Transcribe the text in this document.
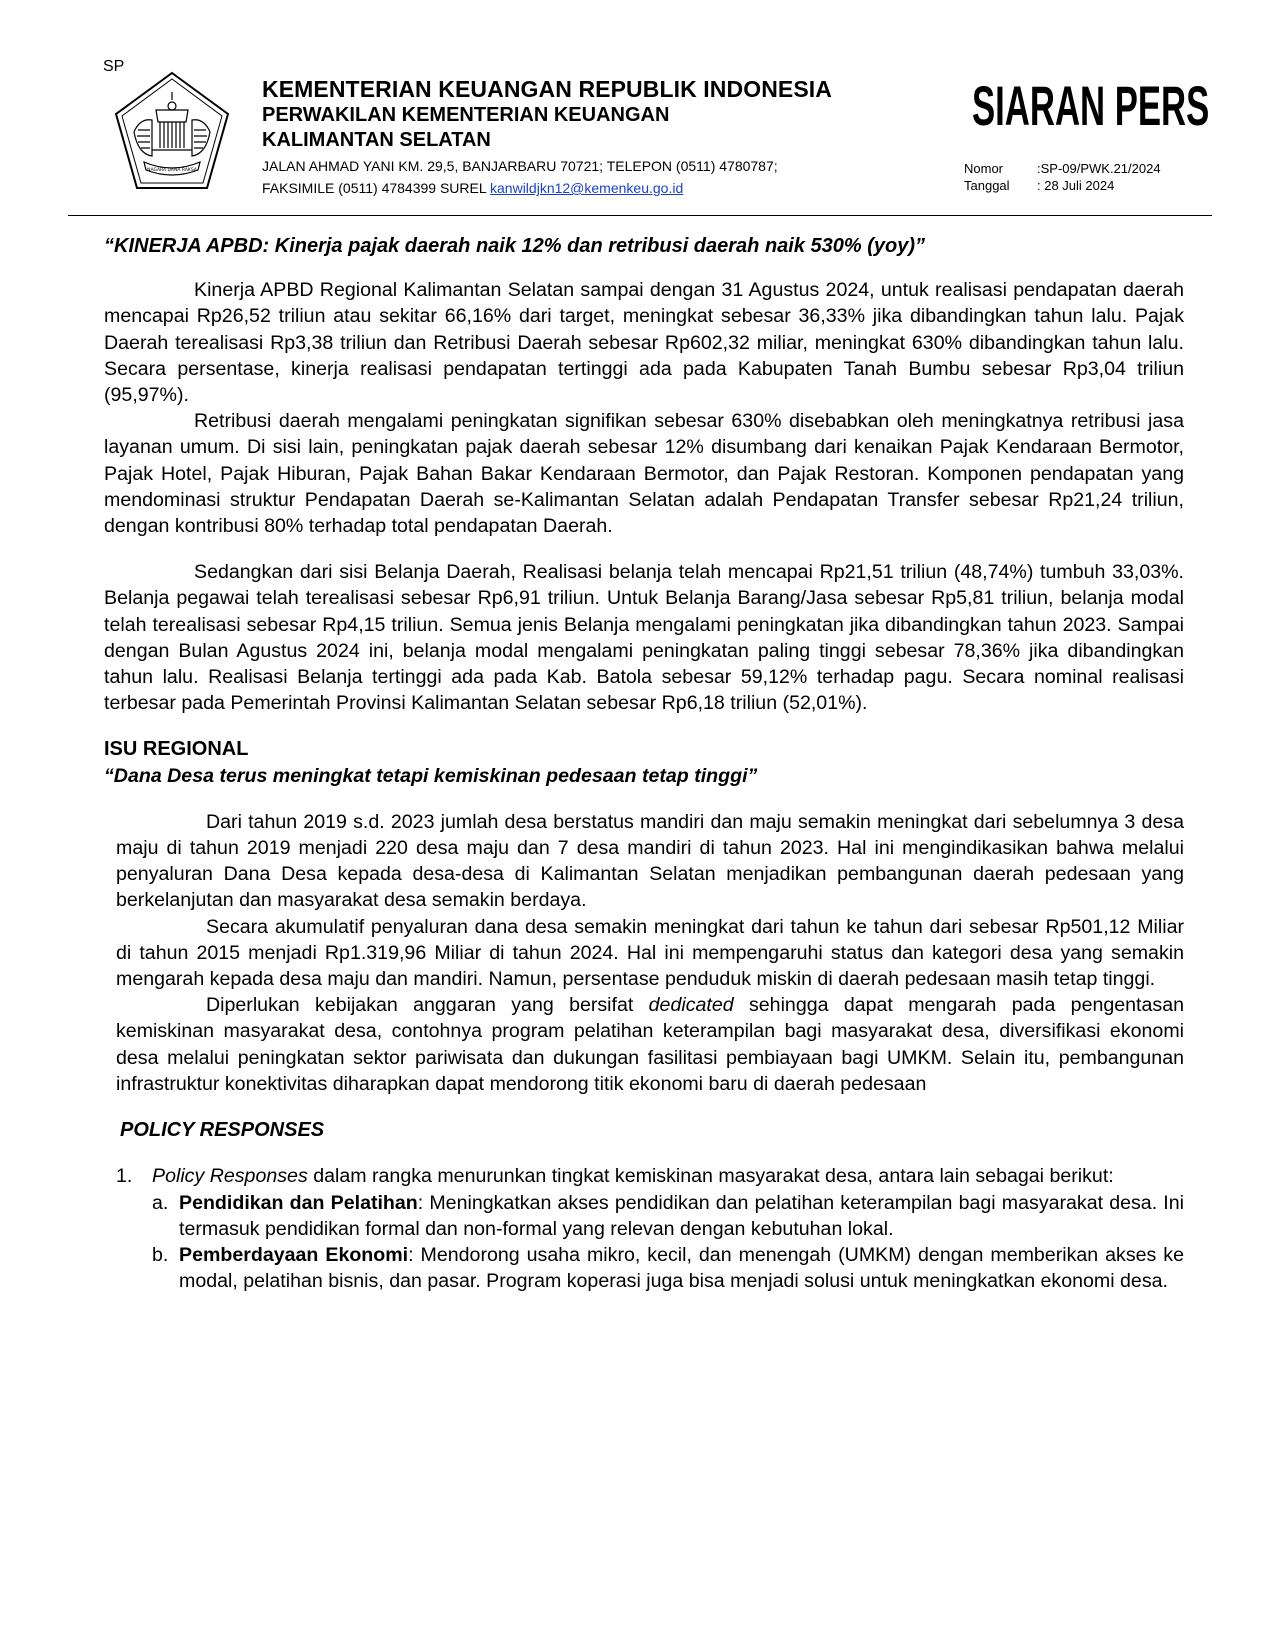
SP
NAGARA DANA RAKSA
KEMENTERIAN KEUANGAN REPUBLIK INDONESIA
PERWAKILAN KEMENTERIAN KEUANGAN
KALIMANTAN SELATAN
JALAN AHMAD YANI KM. 29,5, BANJARBARU 70721; TELEPON (0511) 4780787;
FAKSIMILE (0511) 4784399 SUREL kanwildjkn12@kemenkeu.go.id
SIARAN PERS
Nomor	:SP-09/PWK.21/2024
Tanggal	: 28 Juli 2024
“KINERJA APBD: Kinerja pajak daerah naik 12% dan retribusi daerah naik 530% (yoy)”

Kinerja APBD Regional Kalimantan Selatan sampai dengan 31 Agustus 2024, untuk realisasi pendapatan daerah mencapai Rp26,52 triliun atau sekitar 66,16% dari target, meningkat sebesar 36,33% jika dibandingkan tahun lalu. Pajak Daerah terealisasi Rp3,38 triliun dan Retribusi Daerah sebesar Rp602,32 miliar, meningkat 630% dibandingkan tahun lalu. Secara persentase, kinerja realisasi pendapatan tertinggi ada pada Kabupaten Tanah Bumbu sebesar Rp3,04 triliun (95,97%).

Retribusi daerah mengalami peningkatan signifikan sebesar 630% disebabkan oleh meningkatnya retribusi jasa layanan umum. Di sisi lain, peningkatan pajak daerah sebesar 12% disumbang dari kenaikan Pajak Kendaraan Bermotor, Pajak Hotel, Pajak Hiburan, Pajak Bahan Bakar Kendaraan Bermotor, dan Pajak Restoran. Komponen pendapatan yang mendominasi struktur Pendapatan Daerah se-Kalimantan Selatan adalah Pendapatan Transfer sebesar Rp21,24 triliun, dengan kontribusi 80% terhadap total pendapatan Daerah.

Sedangkan dari sisi Belanja Daerah, Realisasi belanja telah mencapai Rp21,51 triliun (48,74%) tumbuh 33,03%. Belanja pegawai telah terealisasi sebesar Rp6,91 triliun. Untuk Belanja Barang/Jasa sebesar Rp5,81 triliun, belanja modal telah terealisasi sebesar Rp4,15 triliun. Semua jenis Belanja mengalami peningkatan jika dibandingkan tahun 2023. Sampai dengan Bulan Agustus 2024 ini, belanja modal mengalami peningkatan paling tinggi sebesar 78,36% jika dibandingkan tahun lalu. Realisasi Belanja tertinggi ada pada Kab. Batola sebesar 59,12% terhadap pagu. Secara nominal realisasi terbesar pada Pemerintah Provinsi Kalimantan Selatan sebesar Rp6,18 triliun (52,01%).

ISU REGIONAL
“Dana Desa terus meningkat tetapi kemiskinan pedesaan tetap tinggi”

Dari tahun 2019 s.d. 2023 jumlah desa berstatus mandiri dan maju semakin meningkat dari sebelumnya 3 desa maju di tahun 2019 menjadi 220 desa maju dan 7 desa mandiri di tahun 2023. Hal ini mengindikasikan bahwa melalui penyaluran Dana Desa kepada desa-desa di Kalimantan Selatan menjadikan pembangunan daerah pedesaan yang berkelanjutan dan masyarakat desa semakin berdaya.

Secara akumulatif penyaluran dana desa semakin meningkat dari tahun ke tahun dari sebesar Rp501,12 Miliar di tahun 2015 menjadi Rp1.319,96 Miliar di tahun 2024. Hal ini mempengaruhi status dan kategori desa yang semakin mengarah kepada desa maju dan mandiri. Namun, persentase penduduk miskin di daerah pedesaan masih tetap tinggi.

Diperlukan kebijakan anggaran yang bersifat dedicated sehingga dapat mengarah pada pengentasan kemiskinan masyarakat desa, contohnya program pelatihan keterampilan bagi masyarakat desa, diversifikasi ekonomi desa melalui peningkatan sektor pariwisata dan dukungan fasilitasi pembiayaan bagi UMKM. Selain itu, pembangunan infrastruktur konektivitas diharapkan dapat mendorong titik ekonomi baru di daerah pedesaan

POLICY RESPONSES
1.	Policy Responses dalam rangka menurunkan tingkat kemiskinan masyarakat desa, antara lain sebagai berikut:
a. Pendidikan dan Pelatihan: Meningkatkan akses pendidikan dan pelatihan keterampilan bagi masyarakat desa. Ini termasuk pendidikan formal dan non-formal yang relevan dengan kebutuhan lokal.
b. Pemberdayaan Ekonomi: Mendorong usaha mikro, kecil, dan menengah (UMKM) dengan memberikan akses ke modal, pelatihan bisnis, dan pasar. Program koperasi juga bisa menjadi solusi untuk meningkatkan ekonomi desa.
